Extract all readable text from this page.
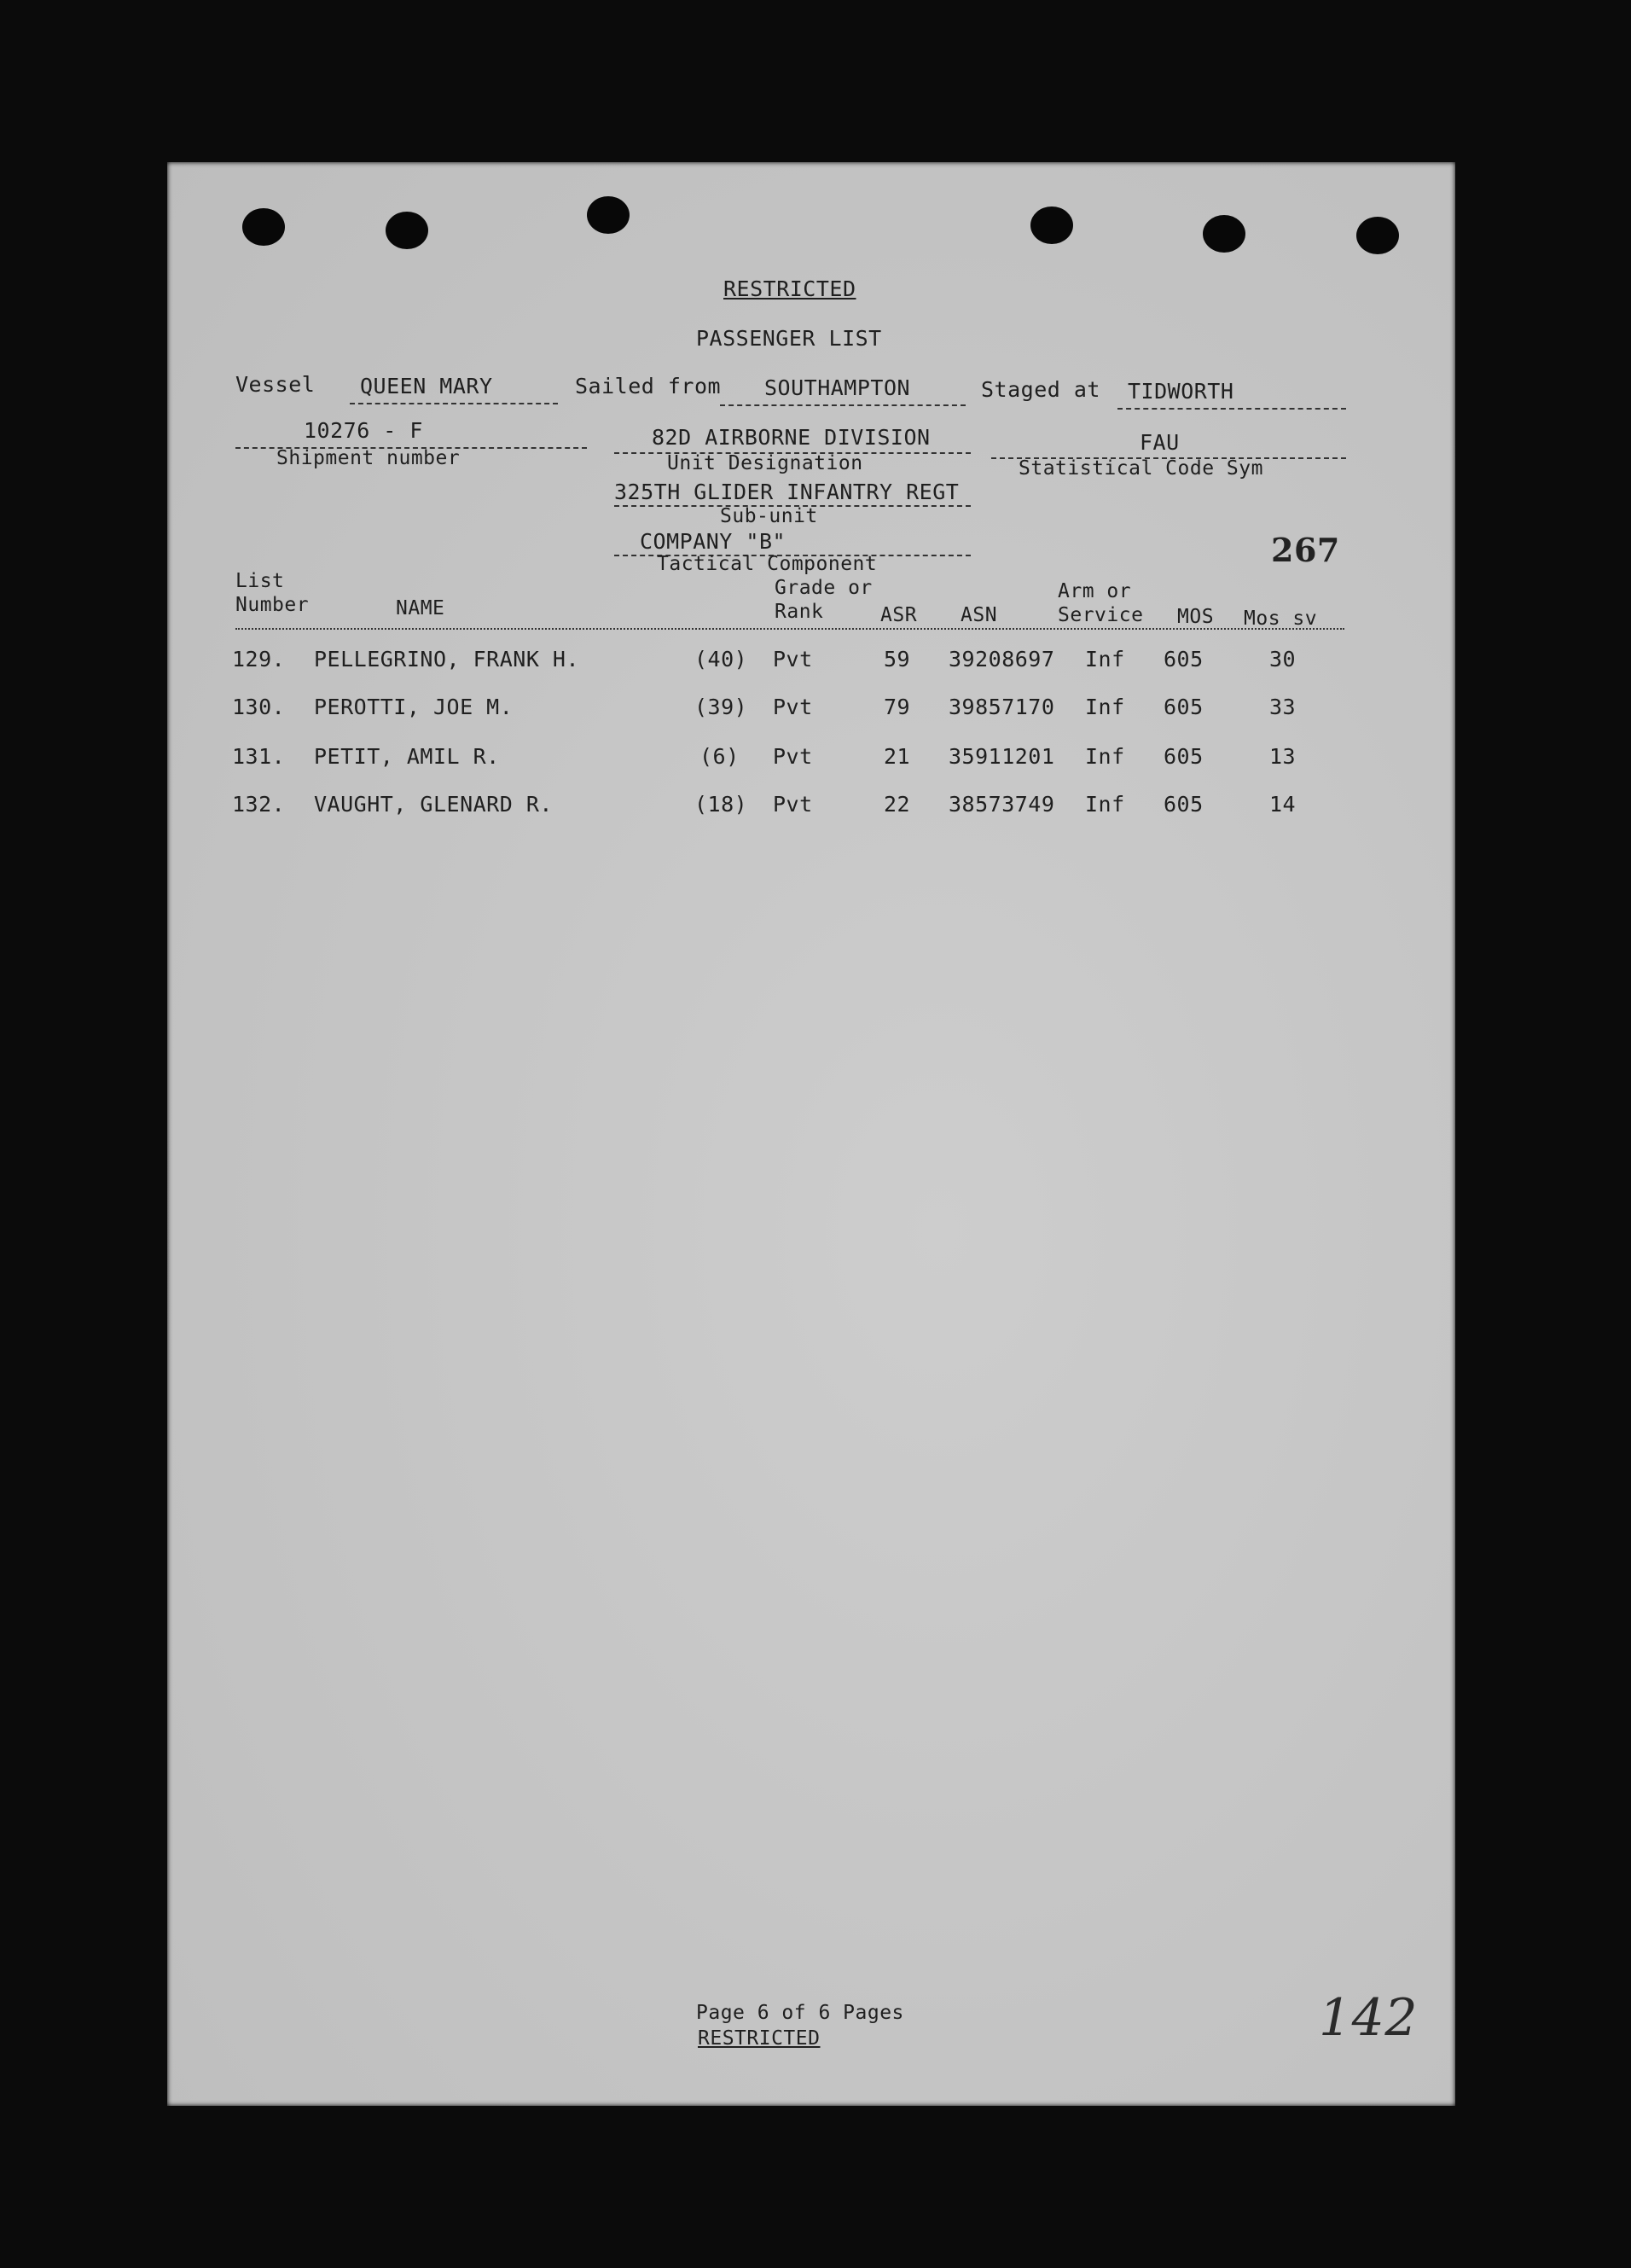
RESTRICTED
PASSENGER LIST
Vessel QUEEN MARY	Sailed from SOUTHAMPTON	Staged at TIDWORTH
10276 - F
Shipment number
82D AIRBORNE DIVISION
Unit Designation
325TH GLIDER INFANTRY REGT
Sub-unit
COMPANY "B"
Tactical Component
FAU
Statistical Code Sym
267
List
Number	NAME
Grade or
Rank	ASR ASN
Arm or
Service MOS Mos sv
129. PELLEGRINO, FRANK H.	(40) Pvt	59 39208697 Inf 605	30
130. PEROTTI, JOE M.	(39) Pvt	79 39857170 Inf 605	33
131. PETIT, AMIL R.	(6) Pvt	21 35911201 Inf 605	13
132. VAUGHT, GLENARD R.	(18) Pvt	22 38573749 Inf 605	14
Page 6 of 6 Pages
RESTRICTED	142
